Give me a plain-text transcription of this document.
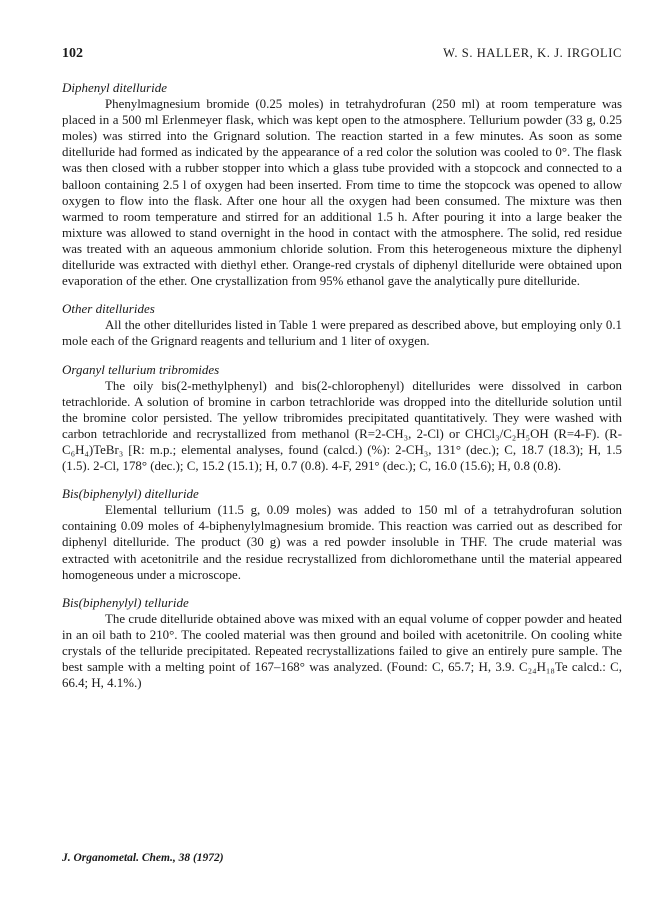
102	W. S. HALLER, K. J. IRGOLIC
Diphenyl ditelluride

Phenylmagnesium bromide (0.25 moles) in tetrahydrofuran (250 ml) at room temperature was placed in a 500 ml Erlenmeyer flask, which was kept open to the atmosphere. Tellurium powder (33 g, 0.25 moles) was stirred into the Grignard solution. The reaction started in a few minutes. As soon as some ditelluride had formed as indicated by the appearance of a red color the solution was cooled to 0°. The flask was then closed with a rubber stopper into which a glass tube provided with a stopcock and connected to a balloon containing 2.5 l of oxygen had been inserted. From time to time the stopcock was opened to allow oxygen to flow into the flask. After one hour all the oxygen had been consumed. The mixture was then warmed to room temperature and stirred for an additional 1.5 h. After pouring it into a large beaker the mixture was allowed to stand overnight in the hood in contact with the atmosphere. The solid, red residue was treated with an aqueous ammonium chloride solution. From this heterogeneous mixture the diphenyl ditelluride was extracted with diethyl ether. Orange-red crystals of diphenyl ditelluride were obtained upon evaporation of the ether. One crystallization from 95% ethanol gave the analytically pure ditelluride.

Other ditellurides

All the other ditellurides listed in Table 1 were prepared as described above, but employing only 0.1 mole each of the Grignard reagents and tellurium and 1 liter of oxygen.

Organyl tellurium tribromides

The oily bis(2-methylphenyl) and bis(2-chlorophenyl) ditellurides were dissolved in carbon tetrachloride. A solution of bromine in carbon tetrachloride was dropped into the ditelluride solution until the bromine color persisted. The yellow tribromides precipitated quantitatively. They were washed with carbon tetrachloride and recrystallized from methanol (R=2-CH₃, 2-Cl) or CHCl₃/C₂H₅OH (R=4-F). (R-C₆H₄)TeBr₃ [R: m.p.; elemental analyses, found (calcd.) (%): 2-CH₃, 131° (dec.); C, 18.7 (18.3); H, 1.5 (1.5). 2-Cl, 178° (dec.); C, 15.2 (15.1); H, 0.7 (0.8). 4-F, 291° (dec.); C, 16.0 (15.6); H, 0.8 (0.8).

Bis(biphenylyl) ditelluride

Elemental tellurium (11.5 g, 0.09 moles) was added to 150 ml of a tetrahydrofuran solution containing 0.09 moles of 4-biphenylylmagnesium bromide. This reaction was carried out as described for diphenyl ditelluride. The product (30 g) was a red powder insoluble in THF. The crude material was extracted with acetonitrile and the residue recrystallized from dichloromethane until the material appeared homogeneous under a microscope.

Bis(biphenylyl) telluride

The crude ditelluride obtained above was mixed with an equal volume of copper powder and heated in an oil bath to 210°. The cooled material was then ground and boiled with acetonitrile. On cooling white crystals of the telluride precipitated. Repeated recrystallizations failed to give an entirely pure sample. The best sample with a melting point of 167–168° was analyzed. (Found: C, 65.7; H, 3.9. C₂₄H₁₈Te calcd.: C, 66.4; H, 4.1%.)

J. Organometal. Chem., 38 (1972)
